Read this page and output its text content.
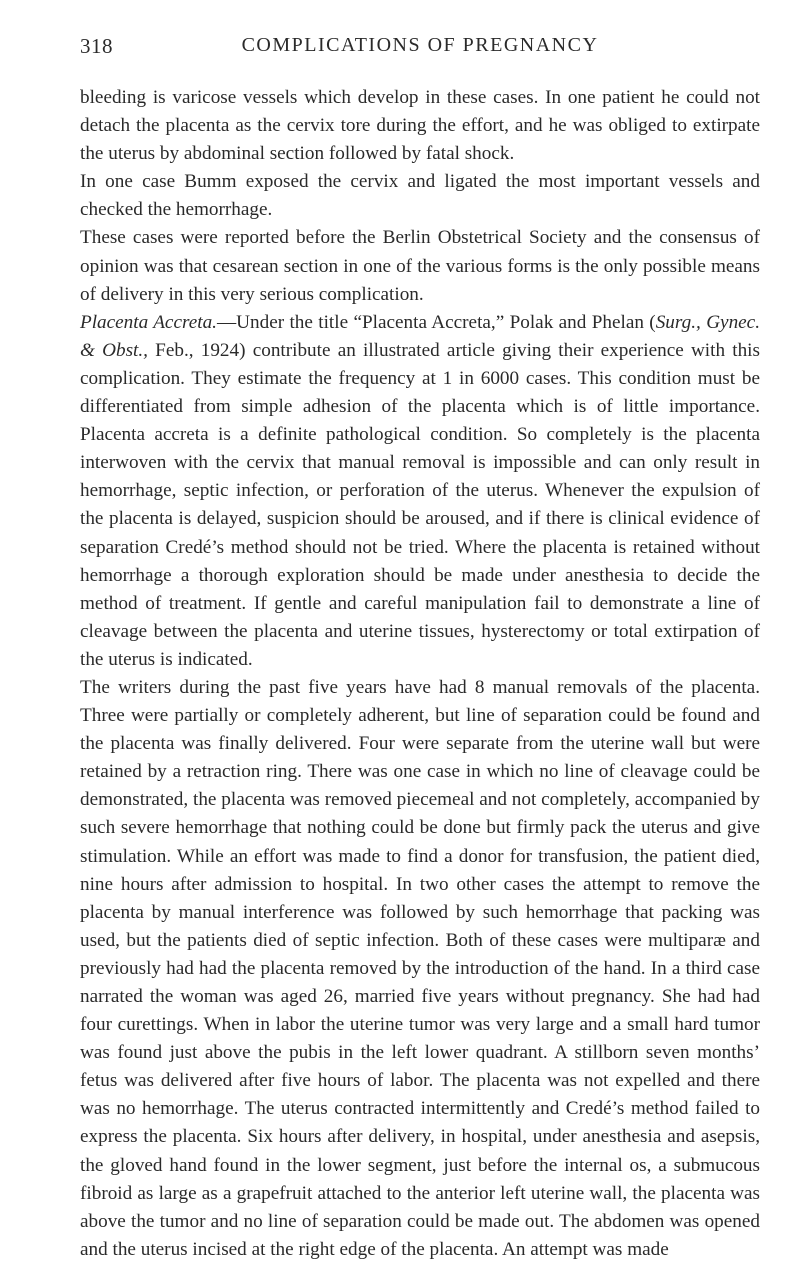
318	COMPLICATIONS OF PREGNANCY

bleeding is varicose vessels which develop in these cases. In one patient he could not detach the placenta as the cervix tore during the effort, and he was obliged to extirpate the uterus by abdominal section followed by fatal shock.

In one case Bumm exposed the cervix and ligated the most important vessels and checked the hemorrhage.

These cases were reported before the Berlin Obstetrical Society and the consensus of opinion was that cesarean section in one of the various forms is the only possible means of delivery in this very serious complication.

Placenta Accreta.—Under the title “Placenta Accreta,” Polak and Phelan (Surg., Gynec. & Obst., Feb., 1924) contribute an illustrated article giving their experience with this complication. They estimate the frequency at 1 in 6000 cases. This condition must be differentiated from simple adhesion of the placenta which is of little importance. Placenta accreta is a definite pathological condition. So completely is the placenta interwoven with the cervix that manual removal is impossible and can only result in hemorrhage, septic infection, or perforation of the uterus. Whenever the expulsion of the placenta is delayed, suspicion should be aroused, and if there is clinical evidence of separation Credé’s method should not be tried. Where the placenta is retained without hemorrhage a thorough exploration should be made under anesthesia to decide the method of treatment. If gentle and careful manipulation fail to demonstrate a line of cleavage between the placenta and uterine tissues, hysterectomy or total extirpation of the uterus is indicated.

The writers during the past five years have had 8 manual removals of the placenta. Three were partially or completely adherent, but line of separation could be found and the placenta was finally delivered. Four were separate from the uterine wall but were retained by a retraction ring. There was one case in which no line of cleavage could be demonstrated, the placenta was removed piecemeal and not completely, accompanied by such severe hemorrhage that nothing could be done but firmly pack the uterus and give stimulation. While an effort was made to find a donor for transfusion, the patient died, nine hours after admission to hospital. In two other cases the attempt to remove the placenta by manual interference was followed by such hemorrhage that packing was used, but the patients died of septic infection. Both of these cases were multiparæ and previously had had the placenta removed by the introduction of the hand. In a third case narrated the woman was aged 26, married five years without pregnancy. She had had four curettings. When in labor the uterine tumor was very large and a small hard tumor was found just above the pubis in the left lower quadrant. A stillborn seven months’ fetus was delivered after five hours of labor. The placenta was not expelled and there was no hemorrhage. The uterus contracted intermittently and Credé’s method failed to express the placenta. Six hours after delivery, in hospital, under anesthesia and asepsis, the gloved hand found in the lower segment, just before the internal os, a submucous fibroid as large as a grapefruit attached to the anterior left uterine wall, the placenta was above the tumor and no line of separation could be made out. The abdomen was opened and the uterus incised at the right edge of the placenta. An attempt was made
